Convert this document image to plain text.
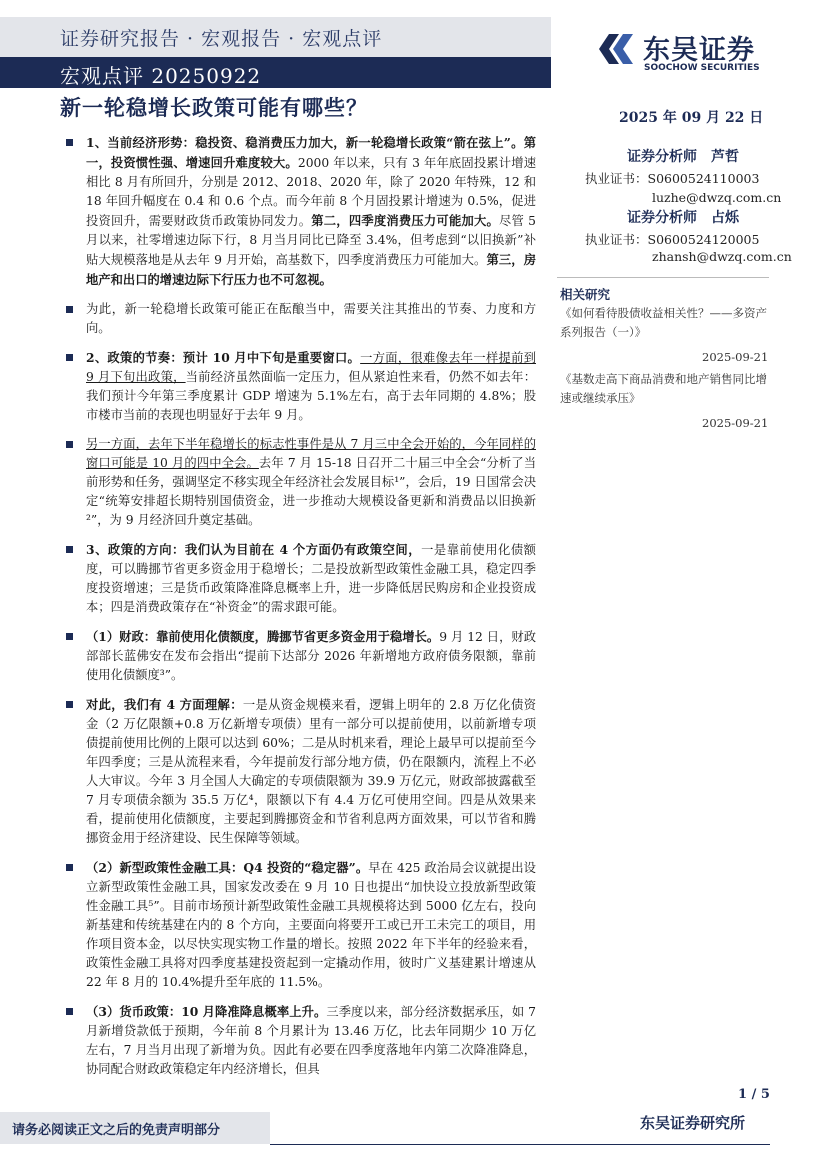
证券研究报告 · 宏观报告 · 宏观点评
宏观点评 20250922
东吴证券
SOOCHOW SECURITIES
新一轮稳增长政策可能有哪些？	2025 年 09 月 22 日
证券分析师　芦哲
执业证书：S0600524110003
luzhe@dwzq.com.cn
证券分析师　占烁
执业证书：S0600524120005
zhansh@dwzq.com.cn
相关研究
《如何看待股债收益相关性？——多资产系列报告（一）》
2025-09-21
《基数走高下商品消费和地产销售同比增速或继续承压》
2025-09-21

1、当前经济形势：稳投资、稳消费压力加大，新一轮稳增长政策“箭在弦上”。第一，投资惯性强、增速回升难度较大。2000 年以来，只有 3 年年底固投累计增速相比 8 月有所回升，分别是 2012、2018、2020 年，除了 2020 年特殊，12 和 18 年回升幅度在 0.4 和 0.6 个点。而今年前 8 个月固投累计增速为 0.5%，促进投资回升，需要财政货币政策协同发力。第二，四季度消费压力可能加大。尽管 5 月以来，社零增速边际下行，8 月当月同比已降至 3.4%，但考虑到“以旧换新”补贴大规模落地是从去年 9 月开始，高基数下，四季度消费压力可能加大。第三，房地产和出口的增速边际下行压力也不可忽视。

为此，新一轮稳增长政策可能正在酝酿当中，需要关注其推出的节奏、力度和方向。

2、政策的节奏：预计 10 月中下旬是重要窗口。一方面，很难像去年一样提前到 9 月下旬出政策，当前经济虽然面临一定压力，但从紧迫性来看，仍然不如去年：我们预计今年第三季度累计 GDP 增速为 5.1%左右，高于去年同期的 4.8%；股市楼市当前的表现也明显好于去年 9 月。

另一方面，去年下半年稳增长的标志性事件是从 7 月三中全会开始的，今年同样的窗口可能是 10 月的四中全会。去年 7 月 15-18 日召开二十届三中全会“分析了当前形势和任务，强调坚定不移实现全年经济社会发展目标¹”，会后，19 日国常会决定“统筹安排超长期特别国债资金，进一步推动大规模设备更新和消费品以旧换新²”，为 9 月经济回升奠定基础。

3、政策的方向：我们认为目前在 4 个方面仍有政策空间，一是靠前使用化债额度，可以腾挪节省更多资金用于稳增长；二是投放新型政策性金融工具，稳定四季度投资增速；三是货币政策降准降息概率上升，进一步降低居民购房和企业投资成本；四是消费政策存在“补资金”的需求跟可能。

（1）财政：靠前使用化债额度，腾挪节省更多资金用于稳增长。9 月 12 日，财政部部长蓝佛安在发布会指出“提前下达部分 2026 年新增地方政府债务限额，靠前使用化债额度³”。

对此，我们有 4 方面理解：一是从资金规模来看，逻辑上明年的 2.8 万亿化债资金（2 万亿限额+0.8 万亿新增专项债）里有一部分可以提前使用，以前新增专项债提前使用比例的上限可以达到 60%；二是从时机来看，理论上最早可以提前至今年四季度；三是从流程来看，今年提前发行部分地方债，仍在限额内，流程上不必人大审议。今年 3 月全国人大确定的专项债限额为 39.9 万亿元，财政部披露截至 7 月专项债余额为 35.5 万亿⁴，限额以下有 4.4 万亿可使用空间。四是从效果来看，提前使用化债额度，主要起到腾挪资金和节省利息两方面效果，可以节省和腾挪资金用于经济建设、民生保障等领域。

（2）新型政策性金融工具：Q4 投资的“稳定器”。早在 425 政治局会议就提出设立新型政策性金融工具，国家发改委在 9 月 10 日也提出“加快设立投放新型政策性金融工具⁵”。目前市场预计新型政策性金融工具规模将达到 5000 亿左右，投向新基建和传统基建在内的 8 个方向，主要面向将要开工或已开工未完工的项目，用作项目资本金，以尽快实现实物工作量的增长。按照 2022 年下半年的经验来看，政策性金融工具将对四季度基建投资起到一定撬动作用，彼时广义基建累计增速从 22 年 8 月的 10.4%提升至年底的 11.5%。

（3）货币政策：10 月降准降息概率上升。三季度以来，部分经济数据承压，如 7 月新增贷款低于预期，今年前 8 个月累计为 13.46 万亿，比去年同期少 10 万亿左右，7 月当月出现了新增为负。因此有必要在四季度落地年内第二次降准降息，协同配合财政政策稳定年内经济增长，但具

1 / 5
请务必阅读正文之后的免责声明部分	东吴证券研究所
